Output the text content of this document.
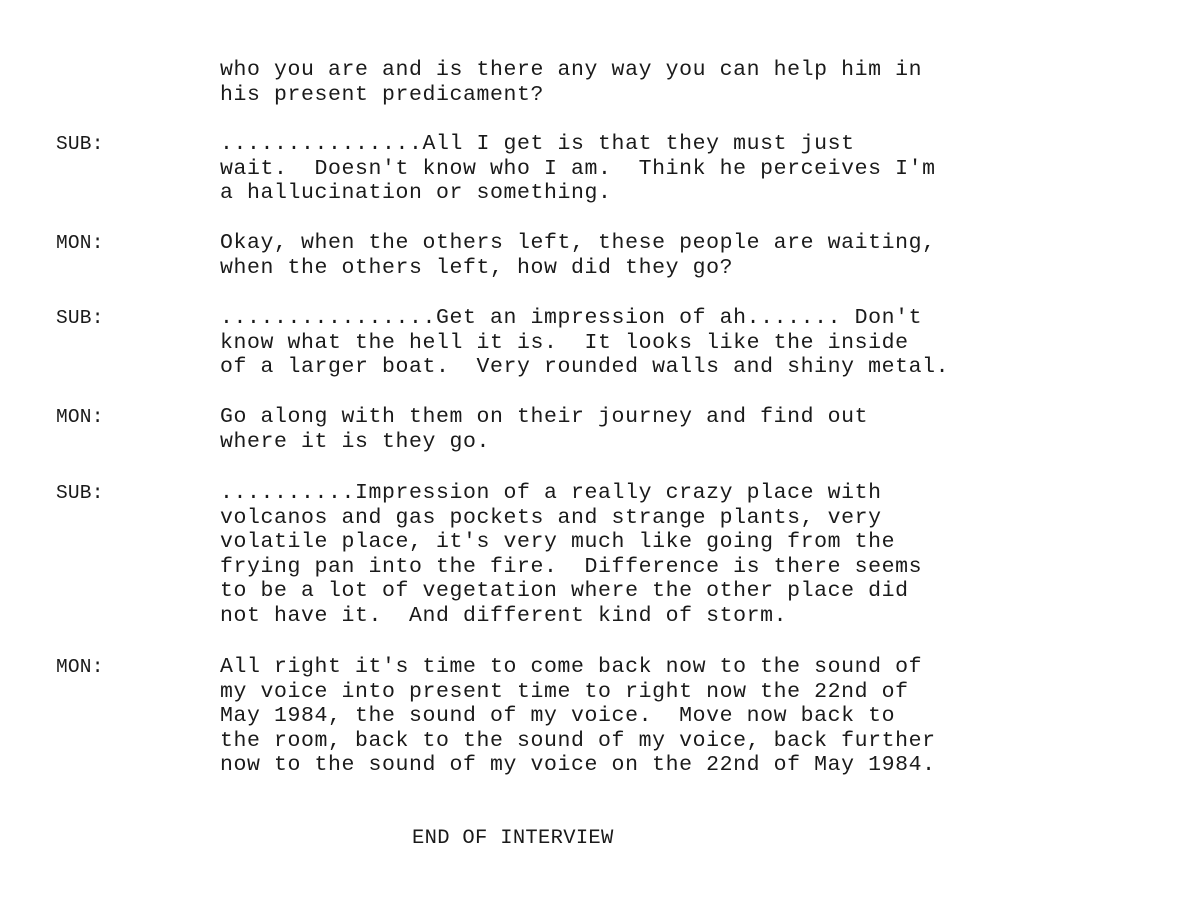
who you are and is there any way you can help him in
his present predicament?
SUB:	...............All I get is that they must just
wait.  Doesn't know who I am.  Think he perceives I'm
a hallucination or something.
MON:	Okay, when the others left, these people are waiting,
when the others left, how did they go?
SUB:	................Get an impression of ah....... Don't
know what the hell it is.  It looks like the inside
of a larger boat.  Very rounded walls and shiny metal.
MON:	Go along with them on their journey and find out
where it is they go.
SUB:	..........Impression of a really crazy place with
volcanos and gas pockets and strange plants, very
volatile place, it's very much like going from the
frying pan into the fire.  Difference is there seems
to be a lot of vegetation where the other place did
not have it.  And different kind of storm.
MON:	All right it's time to come back now to the sound of
my voice into present time to right now the 22nd of
May 1984, the sound of my voice.  Move now back to
the room, back to the sound of my voice, back further
now to the sound of my voice on the 22nd of May 1984.
END OF INTERVIEW
